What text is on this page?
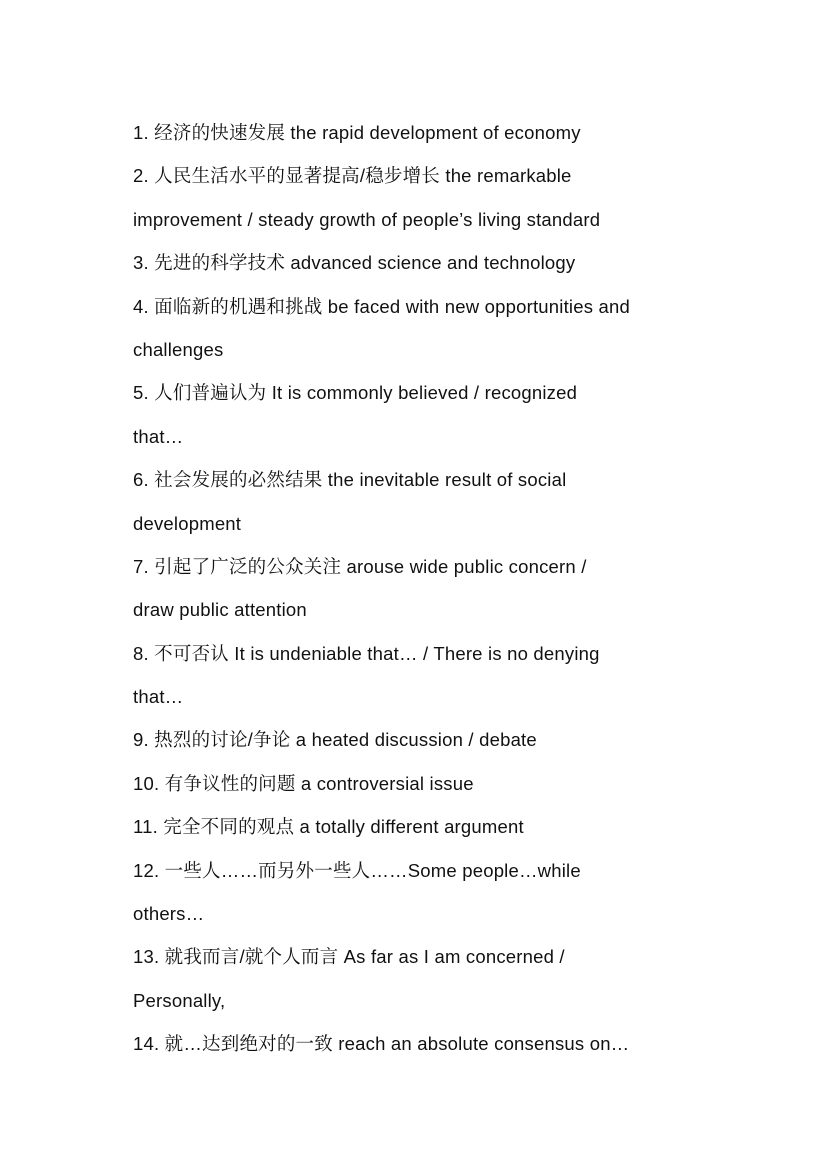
1. 经济的快速发展 the rapid development of economy
2. 人民生活水平的显著提高/稳步增长 the remarkable
improvement / steady growth of people’s living standard
3. 先进的科学技术 advanced science and technology
4. 面临新的机遇和挑战 be faced with new opportunities and
challenges
5. 人们普遍认为 It is commonly believed / recognized
that…
6. 社会发展的必然结果 the inevitable result of social
development
7. 引起了广泛的公众关注 arouse wide public concern /
draw public attention
8. 不可否认 It is undeniable that… / There is no denying
that…
9. 热烈的讨论/争论 a heated discussion / debate
10. 有争议性的问题 a controversial issue
11. 完全不同的观点 a totally different argument
12. 一些人……而另外一些人……Some people…while
others…
13. 就我而言/就个人而言 As far as I am concerned /
Personally,
14. 就…达到绝对的一致 reach an absolute consensus on…
